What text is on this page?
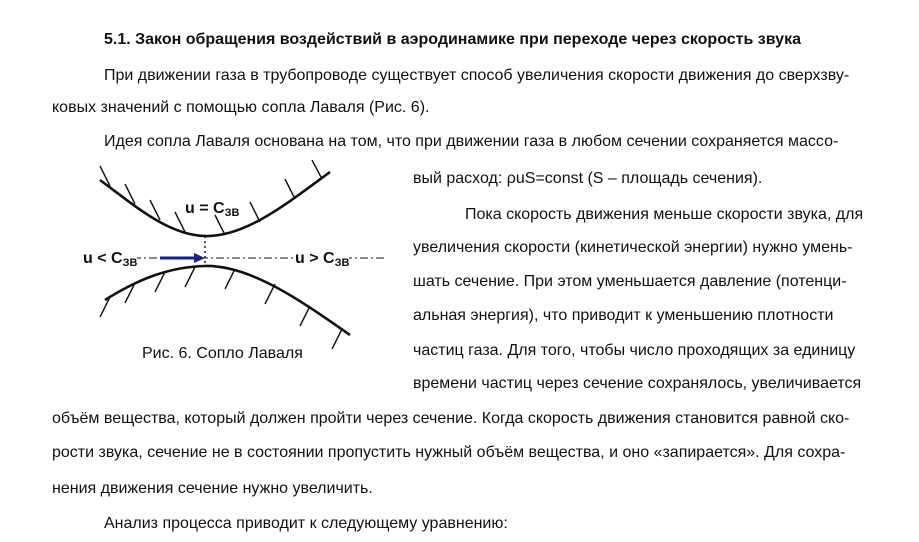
5.1. Закон обращения воздействий в аэродинамике при переходе через скорость звука
При движении газа в трубопроводе существует способ увеличения скорости движения до сверхзву-
ковых значений с помощью сопла Лаваля (Рис. 6).
Идея сопла Лаваля основана на том, что при движении газа в любом сечении сохраняется массо-
вый расход: ρuS=const (S – площадь сечения).
Пока скорость движения меньше скорости звука, для
увеличения скорости (кинетической энергии) нужно умень-
шать сечение. При этом уменьшается давление (потенци-
альная энергия), что приводит к уменьшению плотности
частиц газа. Для того, чтобы число проходящих за единицу
времени частиц через сечение сохранялось, увеличивается
объём вещества, который должен пройти через сечение. Когда скорость движения становится равной ско-
рости звука, сечение не в состоянии пропустить нужный объём вещества, и оно «запирается». Для сохра-
нения движения сечение нужно увеличить.
Анализ процесса приводит к следующему уравнению:
$u = C_{ЗВ}$
$u < C_{ЗВ}$	$u > C_{ЗВ}$
Рис. 6. Сопло Лаваля
